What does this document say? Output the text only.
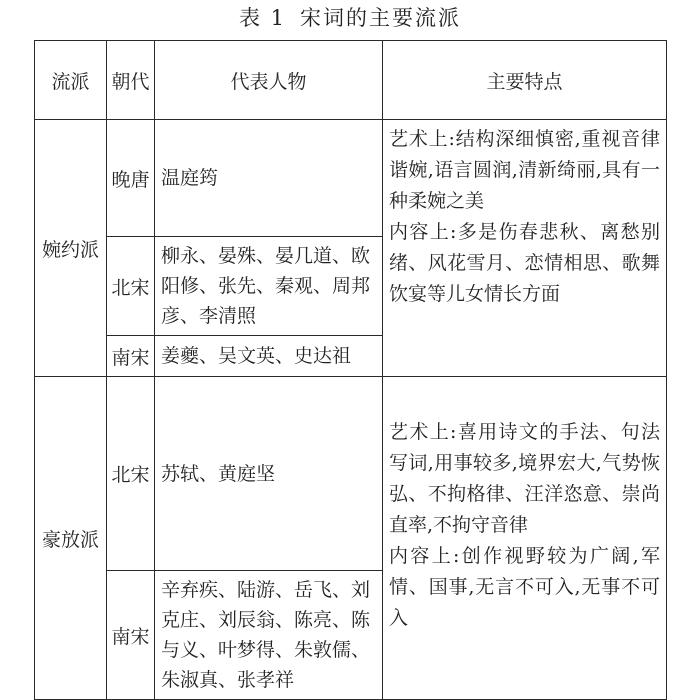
表 1 宋词的主要流派
流派	朝代	代表人物	主要特点
婉约派	晚唐	温庭筠	艺术上:结构深细慎密,重视音律谐婉,语言圆润,清新绮丽,具有一种柔婉之美
内容上:多是伤春悲秋、离愁别绪、风花雪月、恋情相思、歌舞饮宴等儿女情长方面

	北宋	柳永、晏殊、晏几道、欧阳修、张先、秦观、周邦彦、李清照	
	南宋	姜夔、吴文英、史达祖	
豪放派	北宋	苏轼、黄庭坚	艺术上:喜用诗文的手法、句法写词,用事较多,境界宏大,气势恢弘、不拘格律、汪洋恣意、崇尚直率,不拘守音律
内容上:创作视野较为广阔,军情、国事,无言不可入,无事不可入

	南宋	辛弃疾、陆游、岳飞、刘克庄、刘辰翁、陈亮、陈与义、叶梦得、朱敦儒、朱淑真、张孝祥	
